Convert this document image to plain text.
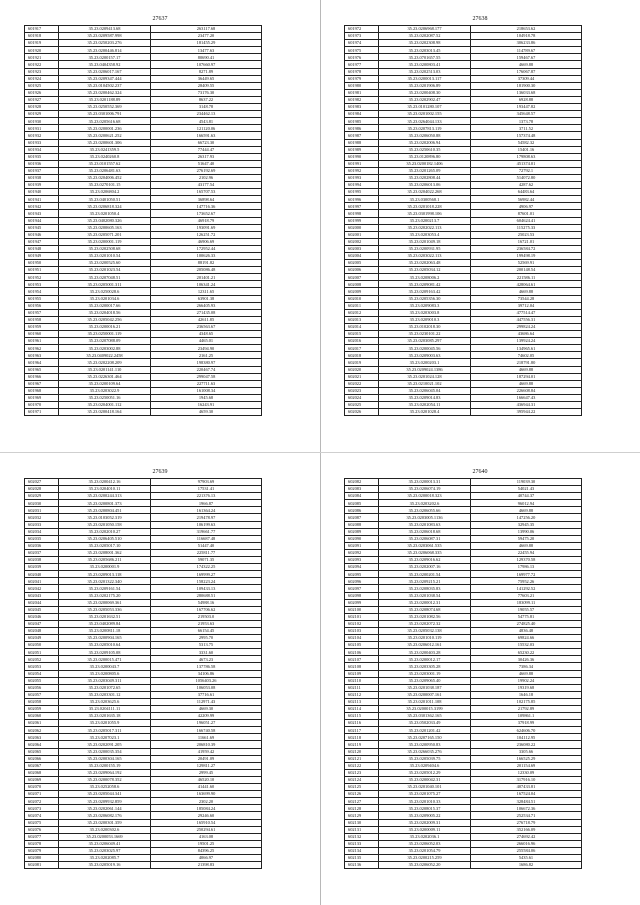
27637
601917	35.23.0209413.68	263117.68
601918	35.23.0209587.998	23477.20
601919	35.23.0250203.276	181455.29
601920	35.23.0200446.814	13477.63
601921	35.23.0200157.17	80690.41
601922	35.23.0404358.92	107660.97
601923	35.23.0206017.167	8271.89
601924	35.23.0209347.444	36449.65
601925	35.23.0104502.237	28409.55
601926	35.23.0200462.324	73176.30
601927	35.23.0201188.89	8637.22
601928	35.23.0250552.369	3148.78
601929	35.23.0301006.791	234462.13
601930	35.23.0205616.68	4543.81
601931	35.23.0200001.236	121120.06
601932	35.23.0200621.252	166591.63
601933	35.23.0200601.306	66723.30
601934	35.23.0241359.5	77444.47
601935	35.23.0240260.8	26317.93
601936	35.23.0101557.62	51647.40
601937	35.23.0206481.63	276192.69
601938	35.23.0204006.452	2102.96
601939	35.23.0270101.15	43177.54
601940	35.23.0206804.2	165707.53
601941	35.23.0401050.51	36898.64
601942	35.23.0206818.324	147716.36
601943	35.23.0201050.4	173652.67
601944	35.23.0402080.326	46918.79
601945	35.23.0200605.163	193091.69
601946	35.23.0205071.201	126251.72
601947	35.23.0200001.119	46906.69
601948	35.23.0202508.68	172952.44
601949	35.23.0201010.54	100626.33
601950	35.23.0200525.60	88191.82
601951	35.23.0201023.54	205086.48
601952	35.23.0207048.51	201401.21
601953	35.23.0205001.311	106341.24
601954	35.23.0250028.6	12311.65
601955	35.23.0201034.6	63901.38
601956	35.23.0200017.66	266405.93
601957	35.23.0204018.56	271435.08
601958	35.23.0205042.256	42611.85
601959	35.23.0200016.21	236563.67
601960	35.23.0250001.119	4348.65
601961	35.23.0207088.09	4465.01
601962	35.23.0203002.88	23494.90
601963	35.23.0409022.2458	2161.25
601964	35.23.0202208.209	198380.97
601965	35.23.0201141.110	220467.74
601966	35.23.0226301.464	299047.58
601967	35.23.0200109.64	227711.63
601968	35.23.0203022.9	161008.34
601969	35.23.0250051.16	1945.68
601970	35.23.0204001.112	16243.91
601971	35.23.0200418.164	4659.30
27638
601972	35.23.0206968.177	218653.62
601973	35.23.0202087.52	104918.78
601974	35.23.0202308.98	306233.86
601975	35.23.0203013.45	114789.67
601976	35.23.0701657.55	159467.67
601977	35.23.0200803.41	4669.88
601978	35.23.0202513.03	176067.87
601979	35.23.0200013.117	37309.44
601980	35.23.0201906.89	181900.30
601981	35.23.0200408.30	136033.68
601982	35.23.0202902.47	6928.88
601983	35.23.0101280.107	193447.82
601984	35.23.0201002.155	345648.57
601985	35.23.0264044.133	1373.78
601986	35.23.0207813.119	3711.52
601987	35.23.0206050.88	157374.48
601988	35.23.0202006.94	54582.32
601989	35.23.0250610.35	15401.16
601990	35.23.0120896.80	179808.63
601991	35.23.0200182.1406	451374.01
601992	35.23.0201265.09	72792.1
601993	35.23.0202808.44	514072.80
601994	35.23.0206013.06	4287.62
601995	35.23.0204022.268	64483.64
601996	35.23.0300568.1	56982.44
601997	35.23.0201018.228	4906.97
601998	35.23.0301998.106	87601.01
601999	35.23.0200213.7	604624.41
602000	35.23.0202022.113	115275.33
602001	35.23.0203053.4	25023.53
602002	35.23.0201049.18	16721.01
602003	35.23.0200931.95	236584.72
602004	35.23.0203022.113	199498.19
602005	35.23.0202063.48	52569.91
602006	35.23.0205034.12	200148.54
602007	35.23.0208006.2	221586.11
602008	35.23.0209081.42	428064.61
602009	35.23.0209163.42	4669.88
602010	35.23.0205356.30	73544.28
602011	35.23.0209083.3	39712.04
602012	35.23.0203003.8	477514.47
602013	35.23.0209010.3	447556.31
602014	35.23.0102018.30	299824.24
602015	35.23.0230101.22	43686.64
602016	35.23.0203085.297	139924.24
602017	35.23.0200045.56	134965.61
602018	35.23.0209003.63	74602.05
602019	35.23.0200203.1	218791.80
602020	35.23.0209024.1386	4669.88
602021	35.23.0201024.128	187294.01
602022	35.23.0210021.102	4669.88
602023	35.23.0206045.04	226608.84
602024	35.23.0209014.83	166647.43
602025	35.23.0202054.11	436944.31
602026	35.23.0201028.4	395944.22
27639
602027	35.23.0200412.16	97903.69
602028	35.23.0204010.11	17531.41
602029	35.23.0200244.313	221376.13
602030	35.23.0200801.373	1966.87
602031	35.23.0200804.451	161364.24
602032	35.23.0103052.319	219478.97
602033	35.23.0201050.158	106199.63
602034	35.23.0202010.27	319661.77
602035	35.23.0206405.510	116687.48
602036	35.23.0205017.10	51447.40
602037	35.23.0208001.362	225811.77
602038	35.23.0205686.211	59071.35
602039	35.23.0200001.9	174322.25
602040	35.23.0209013.118	169999.27
602041	35.23.0201322.340	158223.24
602042	35.23.0209161.54	109433.13
602043	35.23.0202175.20	280688.51
602044	35.23.0200069.361	54988.16
602045	35.23.0205053.336	167706.62
602046	35.23.0201632.51	219503.0
602047	35.23.0402089.84	21953.63
602048	35.23.0200811.18	66154.45
602049	35.23.0200904.165	2995.70
602050	35.23.0205010.64	5313.75
602051	35.23.0209105.08	3331.60
602052	35.23.0200015.471	4673.23
602053	35.23.0200043.7	137786.58
602054	35.23.0200805.6	34106.86
602055	35.23.0203049.311	1056403.26
602056	35.23.0201072.65	106053.08
602057	35.23.0203301.12	37716.61
602058	35.23.0203625.6	112971.43
602059	35.23.0204111.11	4669.30
602060	35.23.0201635.18	42209.99
602061	35.23.0201055.9	196051.27
602062	35.23.0205017.311	166740.58
602063	35.23.0207023.1	11661.69
602064	35.23.0202091.205	206810.39
602065	35.23.0200035.354	41959.42
602066	35.23.0200304.165	20491.09
602067	35.23.0200155.19	129811.27
602068	35.23.0209064.192	2999.45
602069	35.23.0200078.352	46520.10
602070	35.23.0252058.6	41441.60
602071	35.23.0205044.341	163699.90
602072	35.23.0209932.859	2302.20
602073	35.23.0202061.144	185084.24
602074	35.23.0206082.176	29246.60
602075	35.23.0200301.359	165910.54
602076	35.23.0200302.6	250294.61
602077	35.23.0200053.1669	4163.08
602078	35.23.0206049.41	19501.25
602079	35.23.0203025.97	84396.25
602080	35.23.0202085.7	4066.97
602081	35.23.0205019.16	21398.83
27640
602082	35.23.0200013.31	119039.30
602083	35.23.0206074.19	54021.43
602084	35.23.0200018.323	40744.37
602085	35.23.0203202.6	96012.94
602086	35.23.0206055.66	4669.88
602087	35.23.0203005.1136	147256.20
602088	35.23.0201083.63	32945.35
602089	35.23.0206018.68	13990.06
602090	35.23.0206087.31	59475.20
602091	35.23.0203061.535	4669.88
602092	35.23.0206068.335	22455.94
602093	35.23.0209016.62	129370.58
602094	35.23.0202007.16	17986.13
602095	35.23.0200201.54	169977.72
602096	35.23.0209215.21	75952.26
602097	35.23.0208035.83	141292.52
602098	35.23.0201038.54	77603.21
602099	35.23.0200012.31	183099.11
602100	35.23.0208074.68	19055.57
602101	35.23.0201082.56	54775.81
602102	35.23.0202072.32	274825.40
602103	35.23.0205032.138	4836.48
602104	35.23.0201010.119	69824.66
602105	35.23.0206012.161	15532.03
602106	35.23.0200403.28	65230.22
602107	35.23.0200012.17	30426.36
602108	35.23.0203305.28	7386.34
602109	35.23.0203001.19	4669.88
602110	35.23.0209065.40	19902.24
602111	35.23.0201038.187	19319.68
602112	35.23.0200007.161	1646.18
602113	35.23.0201011.108	102175.85
602114	35.23.0200015.3199	21792.89
602115	35.23.0301362.165	109861.1
602116	35.23.0502033.49	37918.99
602117	35.23.0201201.42	624606.70
602118	35.23.0207165.150	104112.95
602119	35.23.0200950.83	236080.22
602120	35.23.0266035.276	3305.66
602121	35.23.0205039.75	166525.29
602122	35.23.0209404.6	201154.69
602123	35.23.0205012.29	12330.09
602124	35.23.0200042.31	317916.10
602125	35.23.0201040.101	407433.81
602126	35.23.0201075.27	167524.04
602127	35.23.0201010.33	328484.51
602128	35.23.0208015.37	106672.36
602129	35.23.0209005.22	252534.71
602130	35.23.0202009.31	276718.79
602131	35.23.0200009.11	352166.09
602132	35.23.0202036.1	274692.42
602133	35.23.0206052.03	266016.96
602134	35.23.0201054.79	255584.06
602135	35.23.0200215.259	5435.61
602136	35.23.0206052.20	1686.82
